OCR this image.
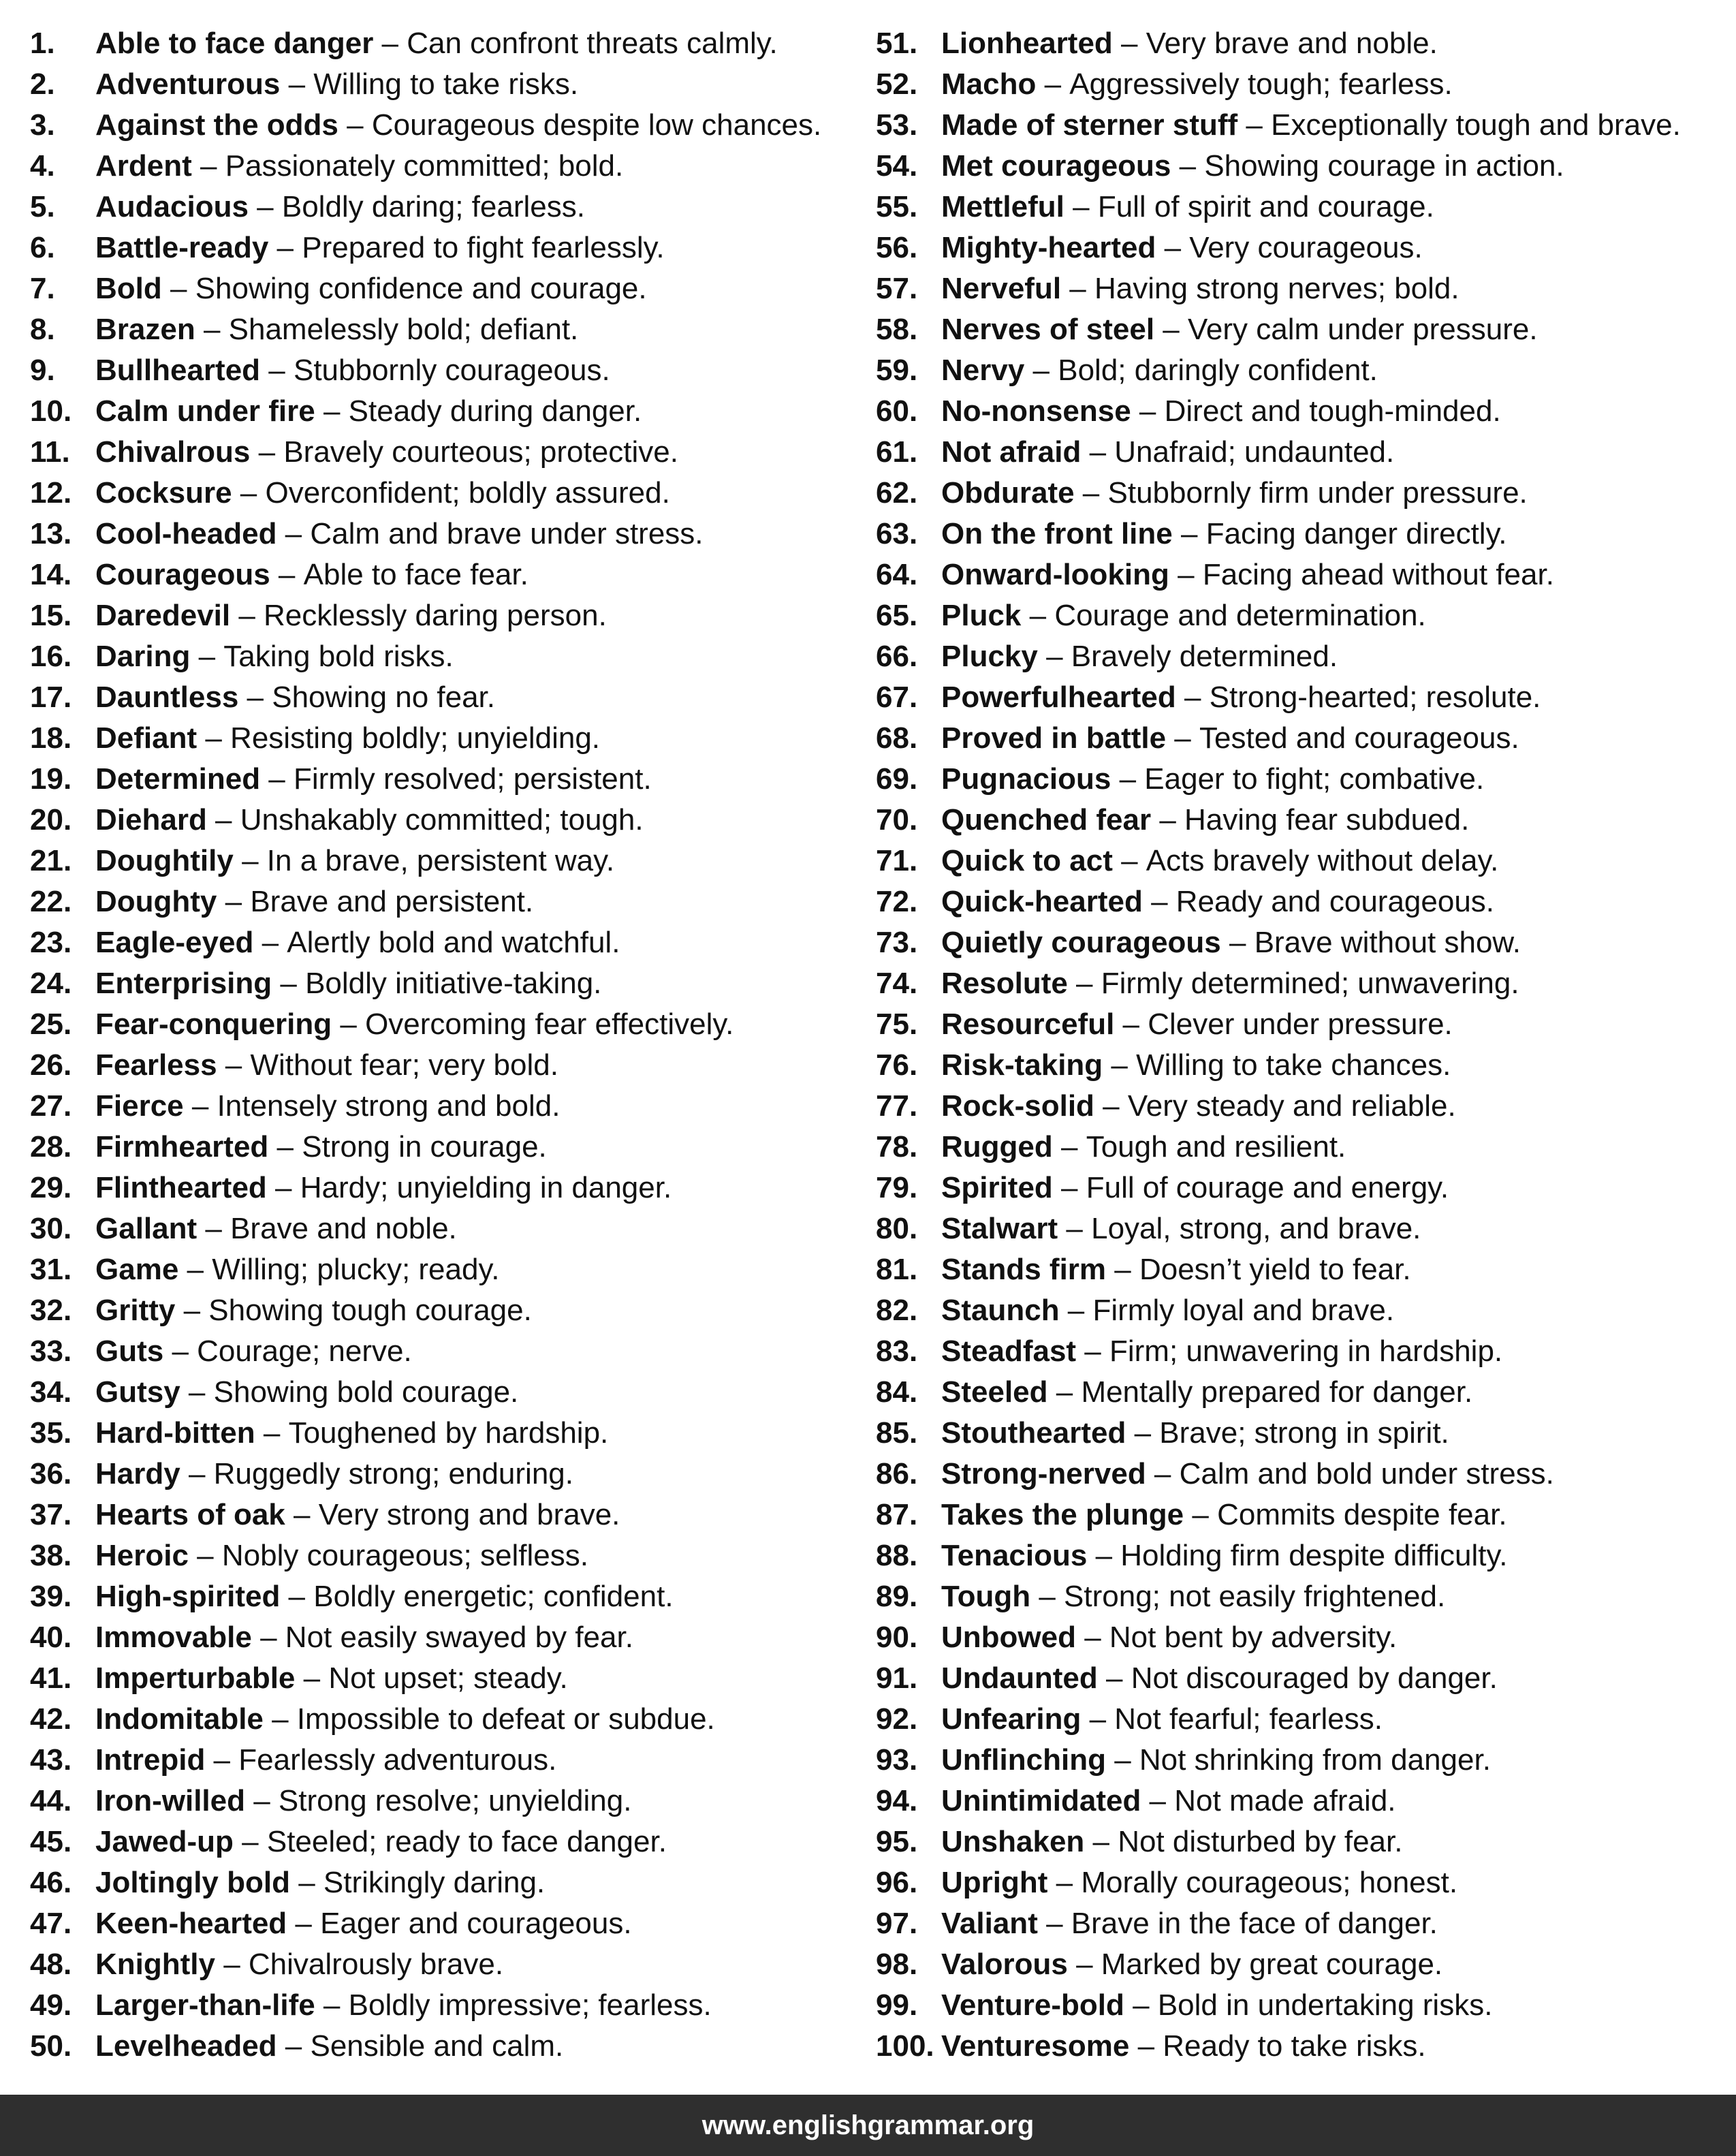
1.	Able to face danger – Can confront threats calmly.
2.	Adventurous – Willing to take risks.
3.	Against the odds – Courageous despite low chances.
4.	Ardent – Passionately committed; bold.
5.	Audacious – Boldly daring; fearless.
6.	Battle-ready – Prepared to fight fearlessly.
7.	Bold – Showing confidence and courage.
8.	Brazen – Shamelessly bold; defiant.
9.	Bullhearted – Stubbornly courageous.
10. Calm under fire – Steady during danger.
11. Chivalrous – Bravely courteous; protective.
12. Cocksure – Overconfident; boldly assured.
13. Cool-headed – Calm and brave under stress.
14. Courageous – Able to face fear.
15. Daredevil – Recklessly daring person.
16. Daring – Taking bold risks.
17. Dauntless – Showing no fear.
18. Defiant – Resisting boldly; unyielding.
19. Determined – Firmly resolved; persistent.
20. Diehard – Unshakably committed; tough.
21. Doughtily – In a brave, persistent way.
22. Doughty – Brave and persistent.
23. Eagle-eyed – Alertly bold and watchful.
24. Enterprising – Boldly initiative-taking.
25. Fear-conquering – Overcoming fear effectively.
26. Fearless – Without fear; very bold.
27. Fierce – Intensely strong and bold.
28. Firmhearted – Strong in courage.
29. Flinthearted – Hardy; unyielding in danger.
30. Gallant – Brave and noble.
31. Game – Willing; plucky; ready.
32. Gritty – Showing tough courage.
33. Guts – Courage; nerve.
34. Gutsy – Showing bold courage.
35. Hard-bitten – Toughened by hardship.
36. Hardy – Ruggedly strong; enduring.
37. Hearts of oak – Very strong and brave.
38. Heroic – Nobly courageous; selfless.
39. High-spirited – Boldly energetic; confident.
40. Immovable – Not easily swayed by fear.
41. Imperturbable – Not upset; steady.
42. Indomitable – Impossible to defeat or subdue.
43. Intrepid – Fearlessly adventurous.
44. Iron-willed – Strong resolve; unyielding.
45. Jawed-up – Steeled; ready to face danger.
46. Joltingly bold – Strikingly daring.
47. Keen-hearted – Eager and courageous.
48. Knightly – Chivalrously brave.
49. Larger-than-life – Boldly impressive; fearless.
50. Levelheaded – Sensible and calm.
51. Lionhearted – Very brave and noble.
52. Macho – Aggressively tough; fearless.
53. Made of sterner stuff – Exceptionally tough and brave.
54. Met courageous – Showing courage in action.
55. Mettleful – Full of spirit and courage.
56. Mighty-hearted – Very courageous.
57. Nerveful – Having strong nerves; bold.
58. Nerves of steel – Very calm under pressure.
59. Nervy – Bold; daringly confident.
60. No-nonsense – Direct and tough-minded.
61. Not afraid – Unafraid; undaunted.
62. Obdurate – Stubbornly firm under pressure.
63. On the front line – Facing danger directly.
64. Onward-looking – Facing ahead without fear.
65. Pluck – Courage and determination.
66. Plucky – Bravely determined.
67. Powerfulhearted – Strong-hearted; resolute.
68. Proved in battle – Tested and courageous.
69. Pugnacious – Eager to fight; combative.
70. Quenched fear – Having fear subdued.
71. Quick to act – Acts bravely without delay.
72. Quick-hearted – Ready and courageous.
73. Quietly courageous – Brave without show.
74. Resolute – Firmly determined; unwavering.
75. Resourceful – Clever under pressure.
76. Risk-taking – Willing to take chances.
77. Rock-solid – Very steady and reliable.
78. Rugged – Tough and resilient.
79. Spirited – Full of courage and energy.
80. Stalwart – Loyal, strong, and brave.
81. Stands firm – Doesn’t yield to fear.
82. Staunch – Firmly loyal and brave.
83. Steadfast – Firm; unwavering in hardship.
84. Steeled – Mentally prepared for danger.
85. Stouthearted – Brave; strong in spirit.
86. Strong-nerved – Calm and bold under stress.
87. Takes the plunge – Commits despite fear.
88. Tenacious – Holding firm despite difficulty.
89. Tough – Strong; not easily frightened.
90. Unbowed – Not bent by adversity.
91. Undaunted – Not discouraged by danger.
92. Unfearing – Not fearful; fearless.
93. Unflinching – Not shrinking from danger.
94. Unintimidated – Not made afraid.
95. Unshaken – Not disturbed by fear.
96. Upright – Morally courageous; honest.
97. Valiant – Brave in the face of danger.
98. Valorous – Marked by great courage.
99. Venture-bold – Bold in undertaking risks.
100. Venturesome – Ready to take risks.
www.englishgrammar.org
